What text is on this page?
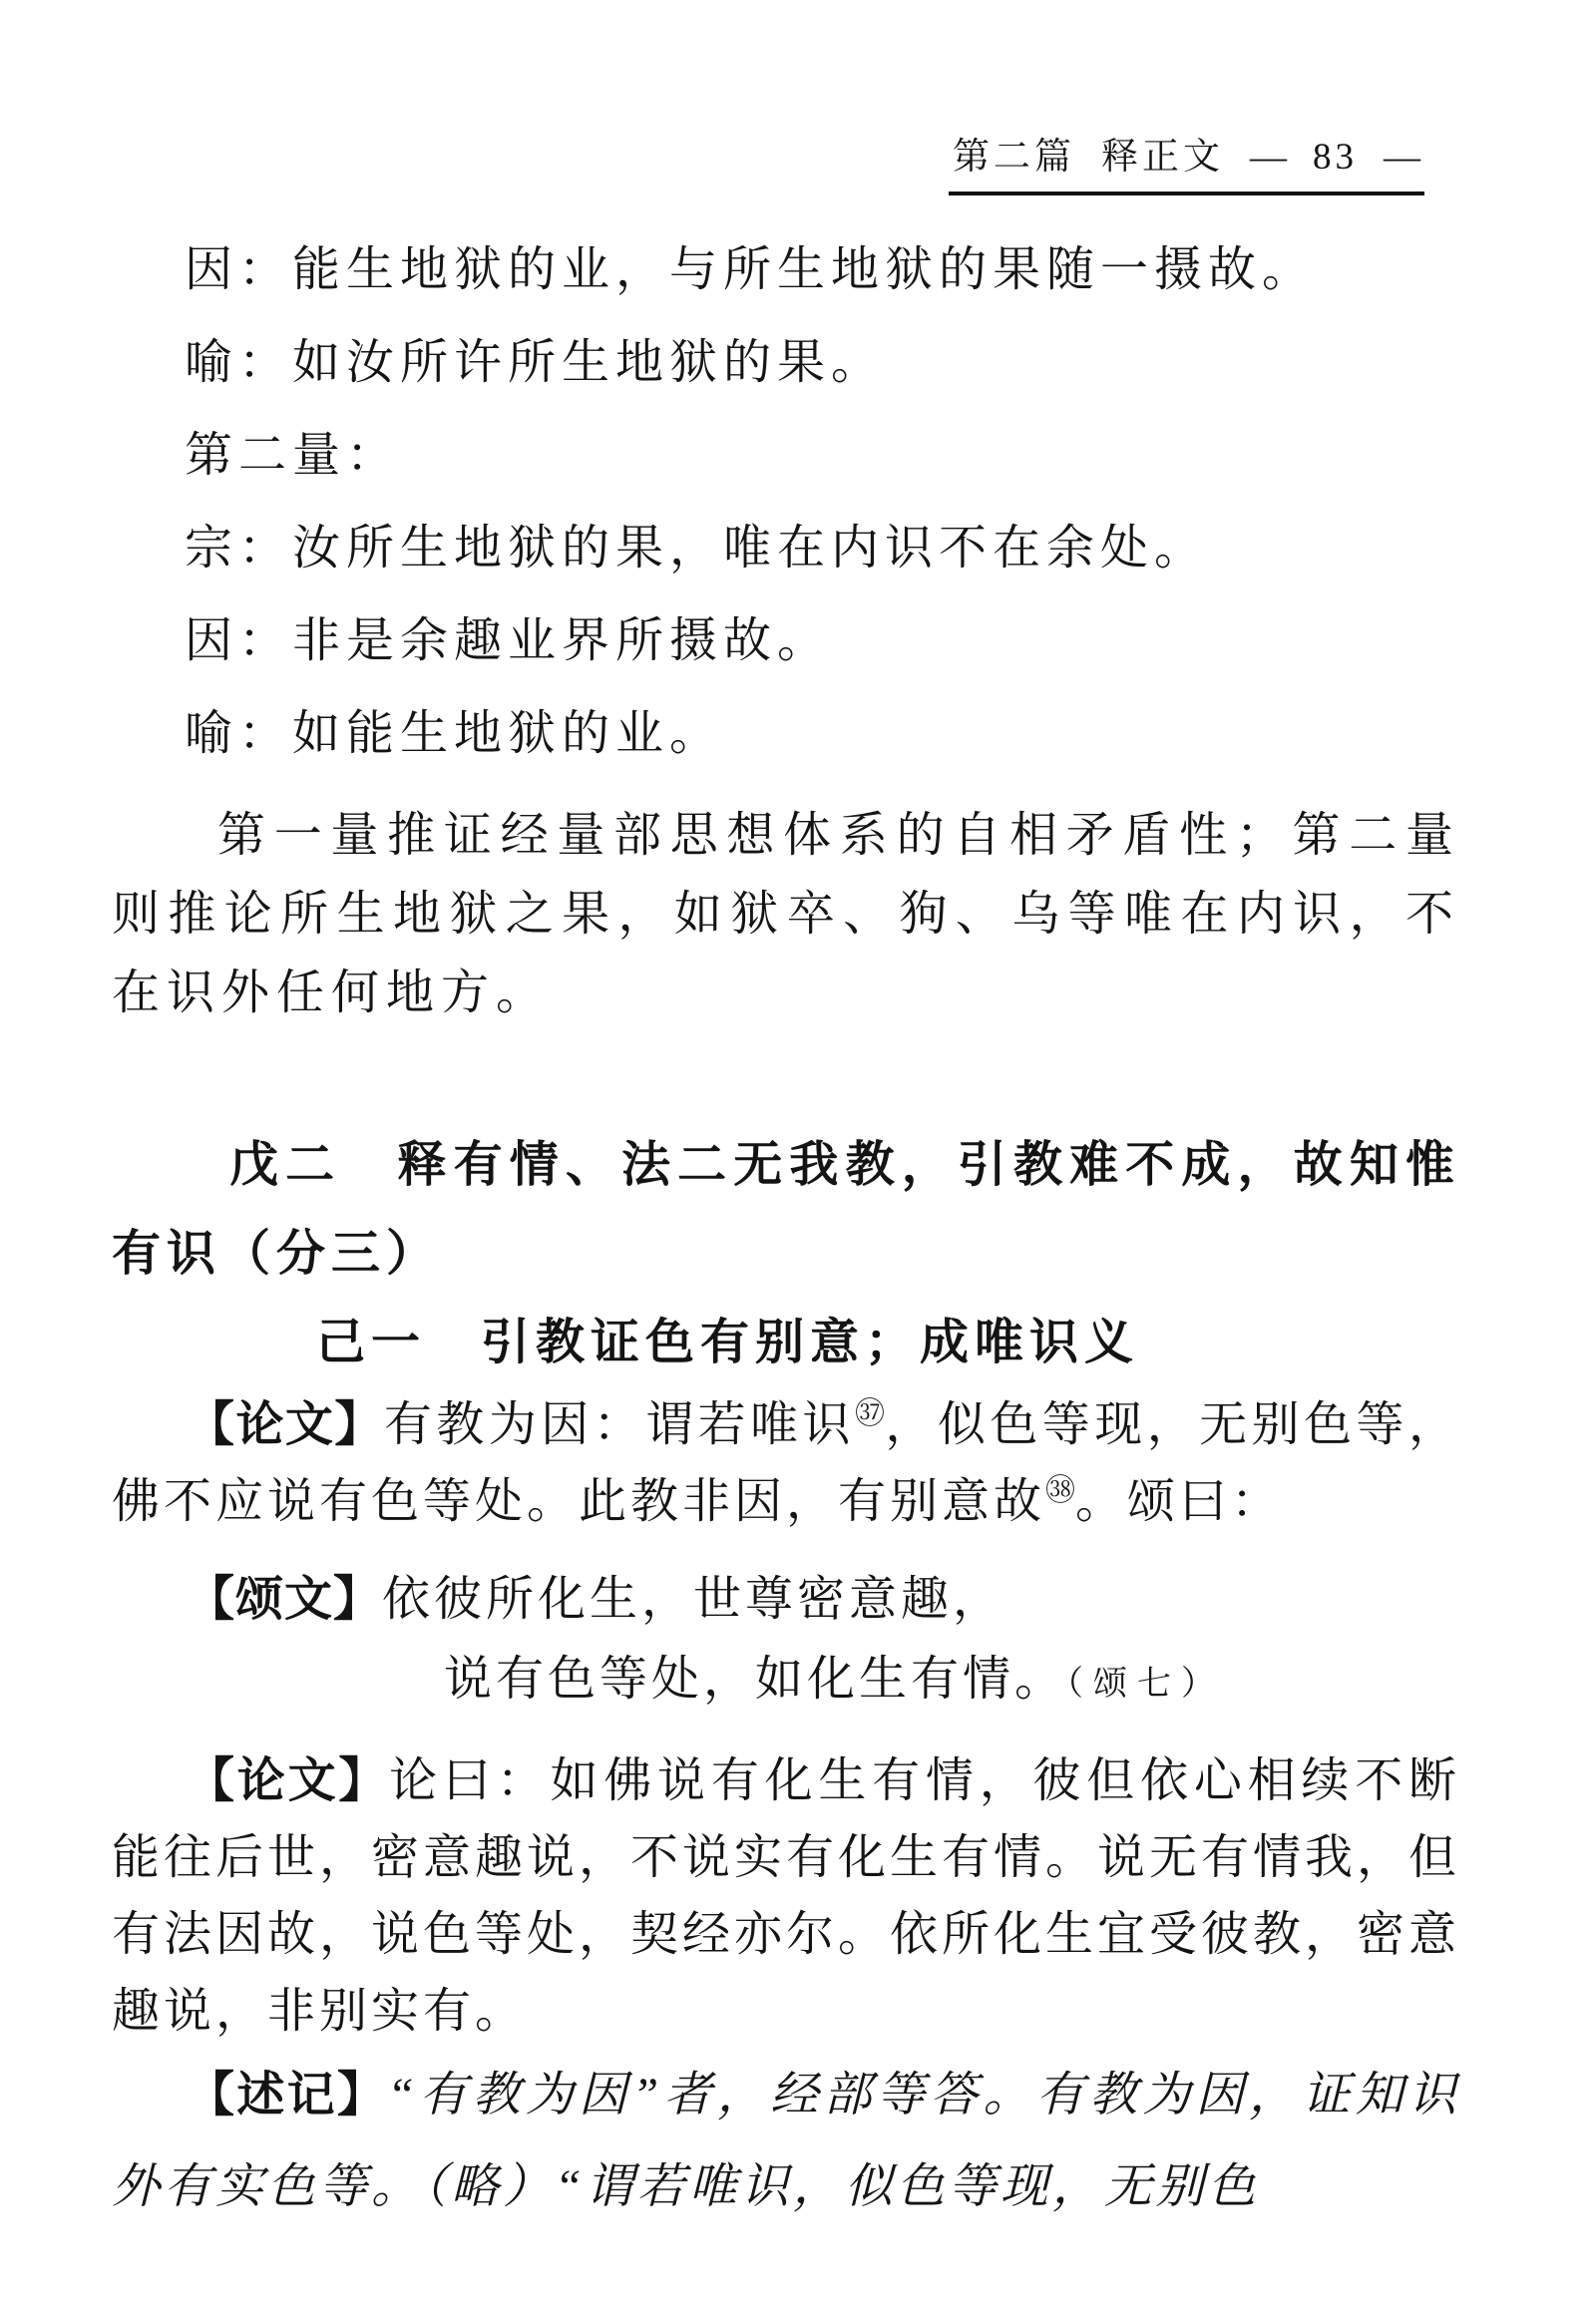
第二篇 释正文 — 83 —
因：能生地狱的业，与所生地狱的果随一摄故。
喻：如汝所许所生地狱的果。
第二量：
宗：汝所生地狱的果，唯在内识不在余处。
因：非是余趣业界所摄故。
喻：如能生地狱的业。

第一量推证经量部思想体系的自相矛盾性；第二量则推论所生地狱之果，如狱卒、狗、乌等唯在内识，不在识外任何地方。

戊二　释有情、法二无我教，引教难不成，故知惟有识（分三）

己一　引教证色有别意；成唯识义

【论文】有教为因：谓若唯识$^㊲$，似色等现，无别色等，佛不应说有色等处。此教非因，有别意故$^㊳$。颂曰：

【颂文】依彼所化生，世尊密意趣，

说有色等处，如化生有情。（颂七）

【论文】论曰：如佛说有化生有情，彼但依心相续不断能往后世，密意趣说，不说实有化生有情。说无有情我，但有法因故，说色等处，契经亦尔。依所化生宜受彼教，密意趣说，非别实有。

【述记】“有教为因”者，经部等答。有教为因，证知识外有实色等。（略）“谓若唯识，似色等现，无别色
